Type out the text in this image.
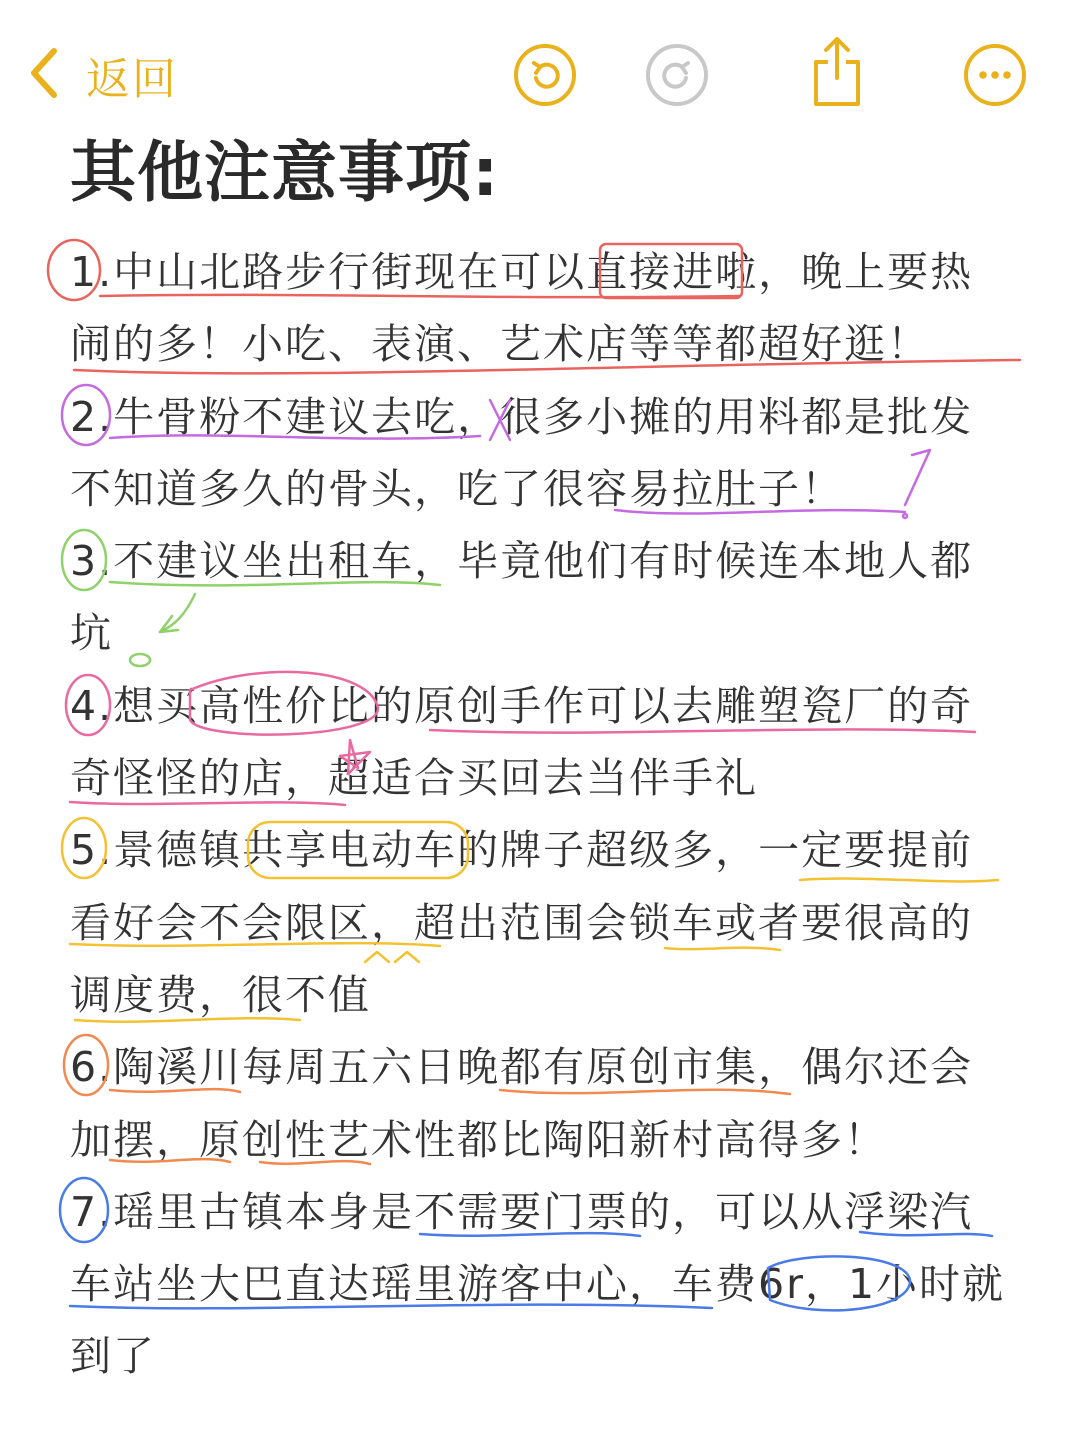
返回
其他注意事项:

1.中山北路步行街现在可以直接进啦，晚上要热闹的多！小吃、表演、艺术店等等都超好逛！

2.牛骨粉不建议去吃，很多小摊的用料都是批发不知道多久的骨头，吃了很容易拉肚子！

3.不建议坐出租车，毕竟他们有时候连本地人都坑

4.想买高性价比的原创手作可以去雕塑瓷厂的奇奇怪怪的店，超适合买回去当伴手礼

5.景德镇共享电动车的牌子超级多，一定要提前看好会不会限区，超出范围会锁车或者要很高的调度费，很不值

6.陶溪川每周五六日晚都有原创市集，偶尔还会加摆，原创性艺术性都比陶阳新村高得多！

7.瑶里古镇本身是不需要门票的，可以从浮梁汽车站坐大巴直达瑶里游客中心，车费6r，1小时就到了
